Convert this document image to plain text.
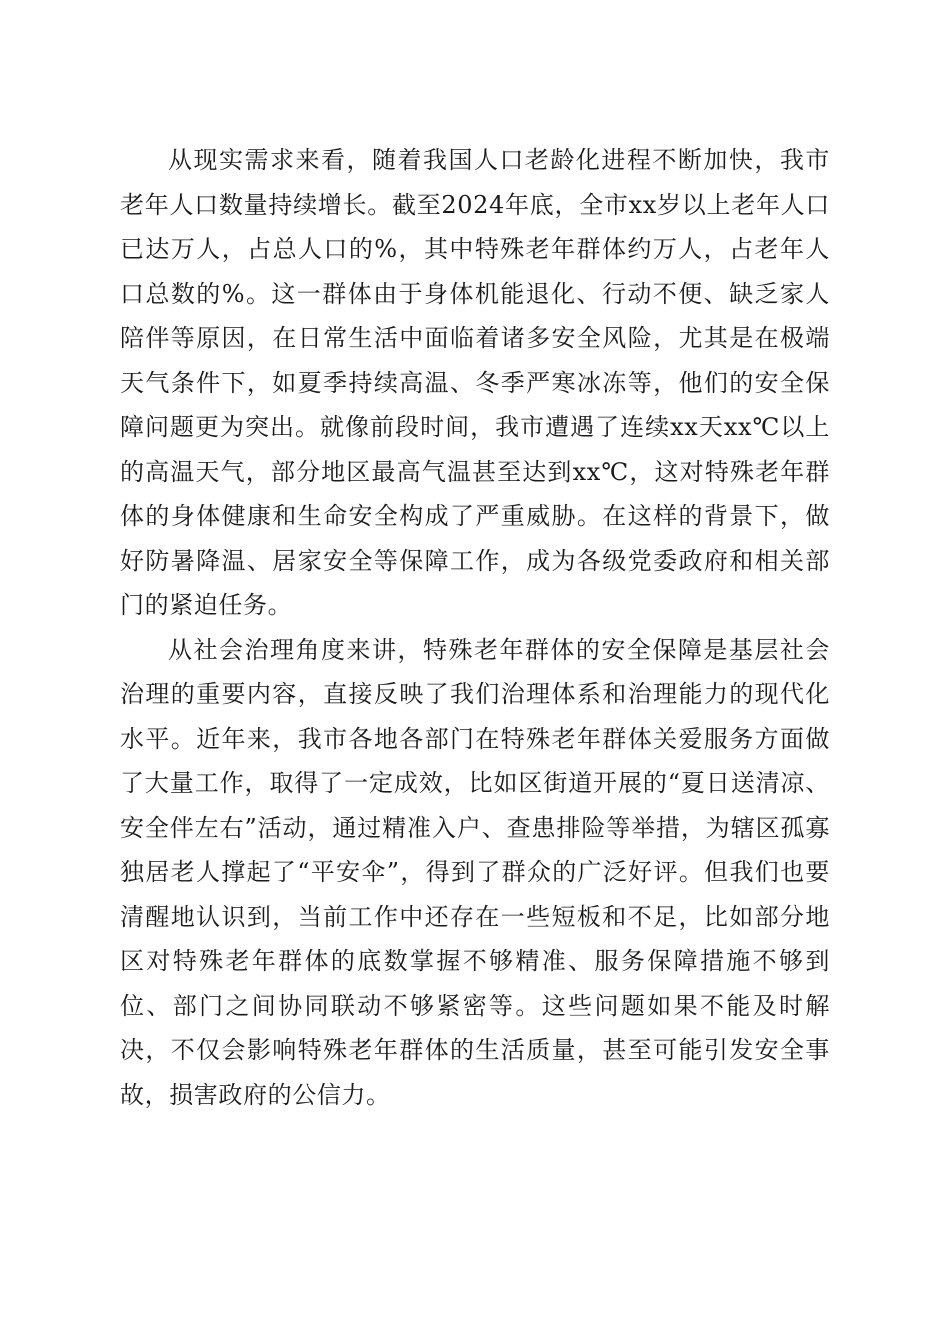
从现实需求来看，随着我国人口老龄化进程不断加快，我市老年人口数量持续增长。截至2024年底，全市xx岁以上老年人口已达万人，占总人口的%，其中特殊老年群体约万人，占老年人口总数的%。这一群体由于身体机能退化、行动不便、缺乏家人陪伴等原因，在日常生活中面临着诸多安全风险，尤其是在极端天气条件下，如夏季持续高温、冬季严寒冰冻等，他们的安全保障问题更为突出。就像前段时间，我市遭遇了连续xx天xx℃以上的高温天气，部分地区最高气温甚至达到xx℃，这对特殊老年群体的身体健康和生命安全构成了严重威胁。在这样的背景下，做好防暑降温、居家安全等保障工作，成为各级党委政府和相关部门的紧迫任务。

从社会治理角度来讲，特殊老年群体的安全保障是基层社会治理的重要内容，直接反映了我们治理体系和治理能力的现代化水平。近年来，我市各地各部门在特殊老年群体关爱服务方面做了大量工作，取得了一定成效，比如区街道开展的“夏日送清凉、安全伴左右”活动，通过精准入户、查患排险等举措，为辖区孤寡独居老人撑起了“平安伞”，得到了群众的广泛好评。但我们也要清醒地认识到，当前工作中还存在一些短板和不足，比如部分地区对特殊老年群体的底数掌握不够精准、服务保障措施不够到位、部门之间协同联动不够紧密等。这些问题如果不能及时解决，不仅会影响特殊老年群体的生活质量，甚至可能引发安全事故，损害政府的公信力。
